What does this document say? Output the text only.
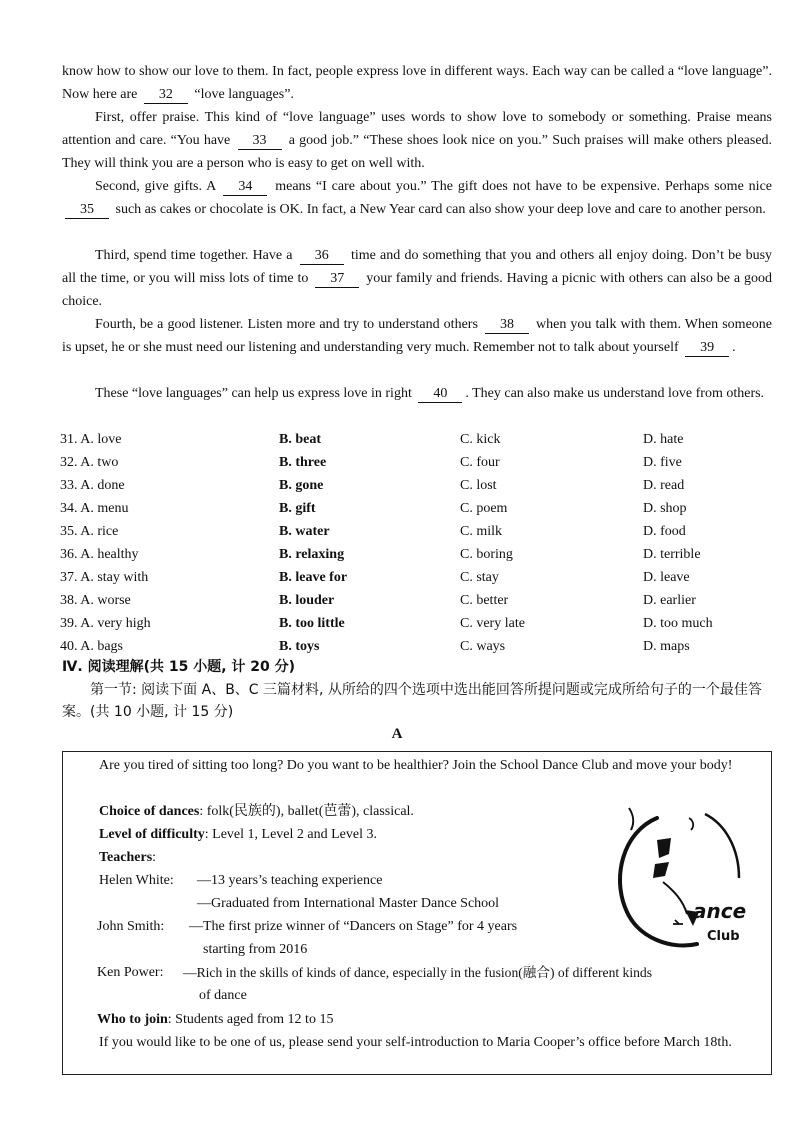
know how to show our love to them. In fact, people express love in different ways. Each way can be called a “love language”. Now here are 32 “love languages”.

First, offer praise. This kind of “love language” uses words to show love to somebody or something. Praise means attention and care. “You have 33 a good job.” “These shoes look nice on you.” Such praises will make others pleased. They will think you are a person who is easy to get on well with.

Second, give gifts. A 34 means “I care about you.” The gift does not have to be expensive. Perhaps some nice 35 such as cakes or chocolate is OK. In fact, a New Year card can also show your deep love and care to another person.

Third, spend time together. Have a 36 time and do something that you and others all enjoy doing. Don’t be busy all the time, or you will miss lots of time to 37 your family and friends. Having a picnic with others can also be a good choice.

Fourth, be a good listener. Listen more and try to understand others 38 when you talk with them. When someone is upset, he or she must need our listening and understanding very much. Remember not to talk about yourself 39 .

These “love languages” can help us express love in right 40 . They can also make us understand love from others.

31. A. love	B. beat	C. kick	D. hate
32. A. two	B. three	C. four	D. five
33. A. done	B. gone	C. lost	D. read
34. A. menu	B. gift	C. poem	D. shop
35. A. rice	B. water	C. milk	D. food
36. A. healthy	B. relaxing	C. boring	D. terrible
37. A. stay with	B. leave for	C. stay	D. leave
38. A. worse	B. louder	C. better	D. earlier
39. A. very high	B. too little	C. very late	D. too much
40. A. bags	B. toys	C. ways	D. maps
Ⅳ. 阅读理解(共 15 小题, 计 20 分)

第一节: 阅读下面 A、B、C 三篇材料, 从所给的四个选项中选出能回答所提问题或完成所给句子的一个最佳答案。(共 10 小题, 计 15 分)

A
Are you tired of sitting too long? Do you want to be healthier? Join the School Dance Club and move your body!
Choice of dances: folk(民族的), ballet(芭蕾), classical.
Level of difficulty: Level 1, Level 2 and Level 3.
Teachers:
Helen White: —13 years’s teaching experience
—Graduated from International Master Dance School
John Smith: —The first prize winner of “Dancers on Stage” for 4 years
starting from 2016
Ken Power: —Rich in the skills of kinds of dance, especially in the fusion(融合) of different kinds
of dance
Who to join: Students aged from 12 to 15
If you would like to be one of us, please send your self-introduction to Maria Cooper’s office before March 18th.
ance
Club
